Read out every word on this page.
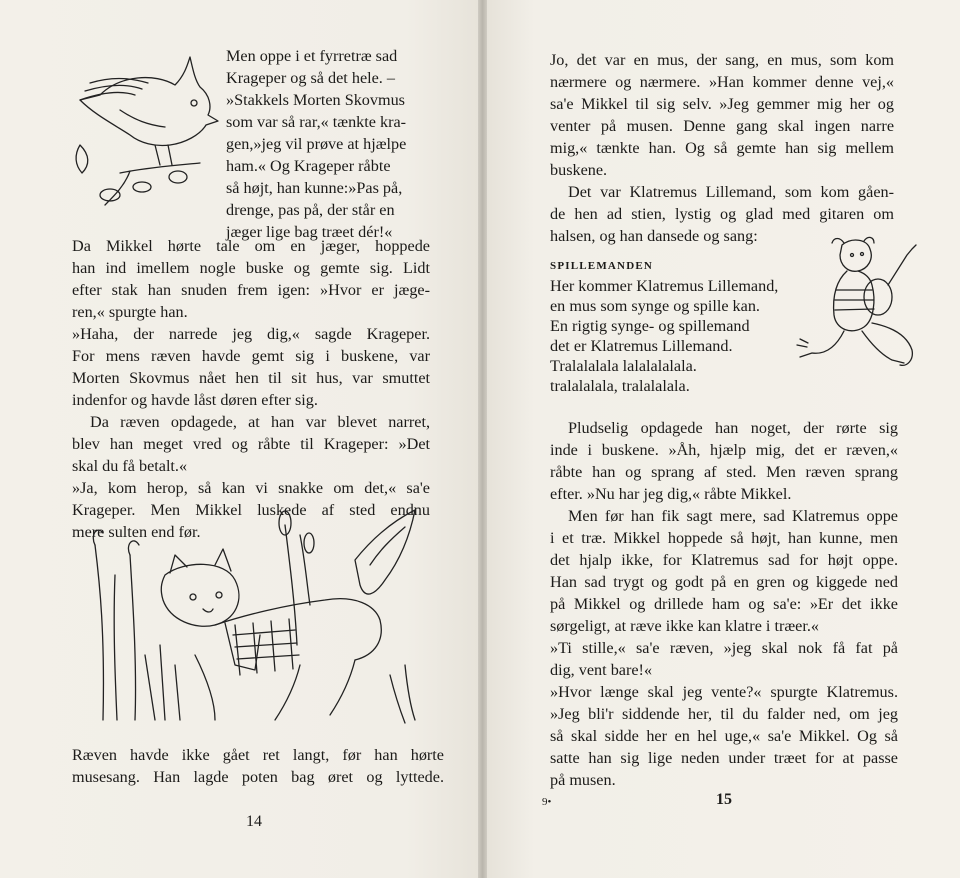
Men oppe i et fyrretræ sad
Krageper og så det hele. –
»Stakkels Morten Skovmus
som var så rar,« tænkte kra-
gen,»jeg vil prøve at hjælpe
ham.« Og Krageper råbte
så højt, han kunne:»Pas på,
drenge, pas på, der står en
jæger lige bag træet dér!«
Da Mikkel hørte tale om en jæger, hoppede
han ind imellem nogle buske og gemte sig. Lidt
efter stak han snuden frem igen: »Hvor er jæge-
ren,« spurgte han.
»Haha, der narrede jeg dig,« sagde Krageper.
For mens ræven havde gemt sig i buskene, var
Morten Skovmus nået hen til sit hus, var smuttet
indenfor og havde låst døren efter sig.
Da ræven opdagede, at han var blevet narret,
blev han meget vred og råbte til Krageper: »Det
skal du få betalt.«
»Ja, kom herop, så kan vi snakke om det,« sa'e
Krageper. Men Mikkel luskede af sted endnu
mere sulten end før.
Ræven havde ikke gået ret langt, før han hørte
musesang. Han lagde poten bag øret og lyttede.
14
Jo, det var en mus, der sang, en mus, som kom
nærmere og nærmere. »Han kommer denne vej,«
sa'e Mikkel til sig selv. »Jeg gemmer mig her og
venter på musen. Denne gang skal ingen narre
mig,« tænkte han. Og så gemte han sig mellem
buskene.
Det var Klatremus Lillemand, som kom gåen-
de hen ad stien, lystig og glad med gitaren om
halsen, og han dansede og sang:
SPILLEMANDEN
Her kommer Klatremus Lillemand,
en mus som synge og spille kan.
En rigtig synge- og spillemand
det er Klatremus Lillemand.
Tralalalala lalalalalala.
tralalalala, tralalalala.
Pludselig opdagede han noget, der rørte sig
inde i buskene. »Åh, hjælp mig, det er ræven,«
råbte han og sprang af sted. Men ræven sprang
efter. »Nu har jeg dig,« råbte Mikkel.
Men før han fik sagt mere, sad Klatremus oppe
i et træ. Mikkel hoppede så højt, han kunne, men
det hjalp ikke, for Klatremus sad for højt oppe.
Han sad trygt og godt på en gren og kiggede ned
på Mikkel og drillede ham og sa'e: »Er det ikke
sørgeligt, at ræve ikke kan klatre i træer.«
»Ti stille,« sa'e ræven, »jeg skal nok få fat på
dig, vent bare!«
»Hvor længe skal jeg vente?« spurgte Klatremus.
»Jeg bli'r siddende her, til du falder ned, om jeg
så skal sidde her en hel uge,« sa'e Mikkel. Og så
satte han sig lige neden under træet for at passe
på musen.
9•	15
